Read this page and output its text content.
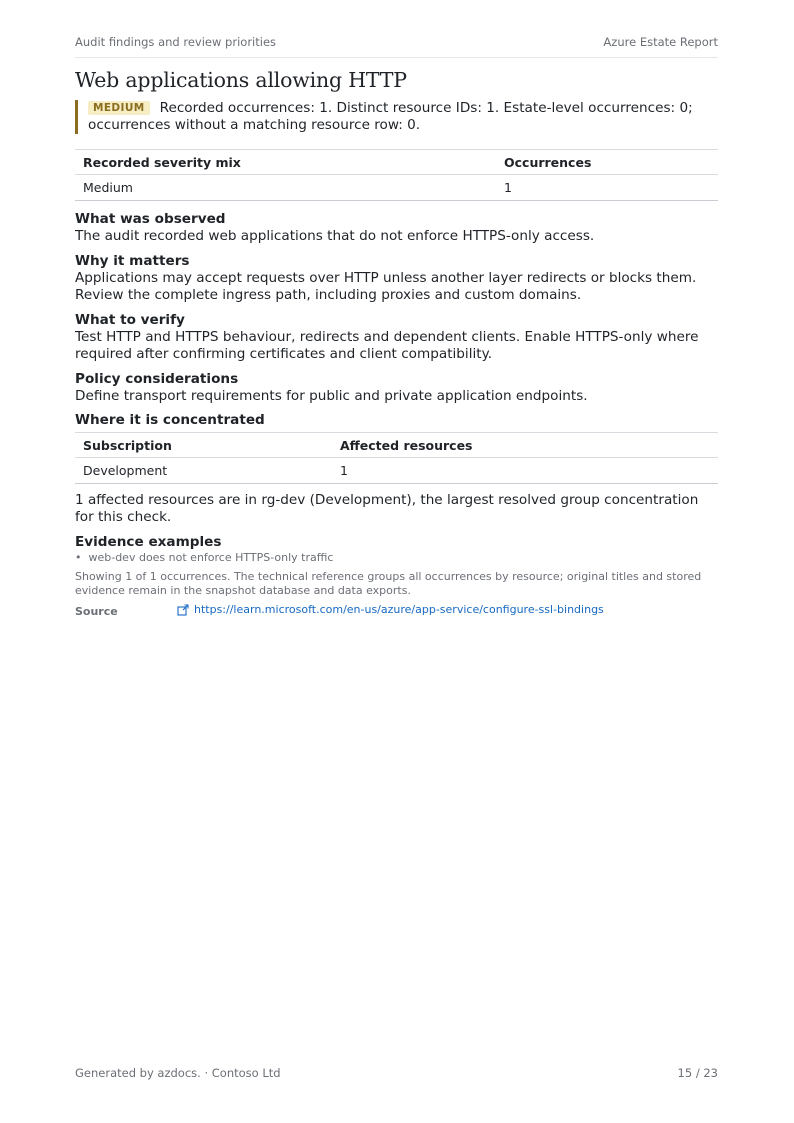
Audit findings and review priorities	Azure Estate Report
Web applications allowing HTTP
MEDIUM Recorded occurrences: 1. Distinct resource IDs: 1. Estate-level occurrences: 0; occurrences without a matching resource row: 0.
Recorded severity mix	Occurrences
Medium	1
What was observed
The audit recorded web applications that do not enforce HTTPS-only access.
Why it matters
Applications may accept requests over HTTP unless another layer redirects or blocks them. Review the complete ingress path, including proxies and custom domains.
What to verify
Test HTTP and HTTPS behaviour, redirects and dependent clients. Enable HTTPS-only where required after confirming certificates and client compatibility.
Policy considerations
Define transport requirements for public and private application endpoints.
Where it is concentrated
Subscription	Affected resources
Development	1
1 affected resources are in rg-dev (Development), the largest resolved group concentration for this check.
Evidence examples
•  web-dev does not enforce HTTPS-only traffic
Showing 1 of 1 occurrences. The technical reference groups all occurrences by resource; original titles and stored evidence remain in the snapshot database and data exports.
Source	https://learn.microsoft.com/en-us/azure/app-service/configure-ssl-bindings
Generated by azdocs. · Contoso Ltd	15 / 23
